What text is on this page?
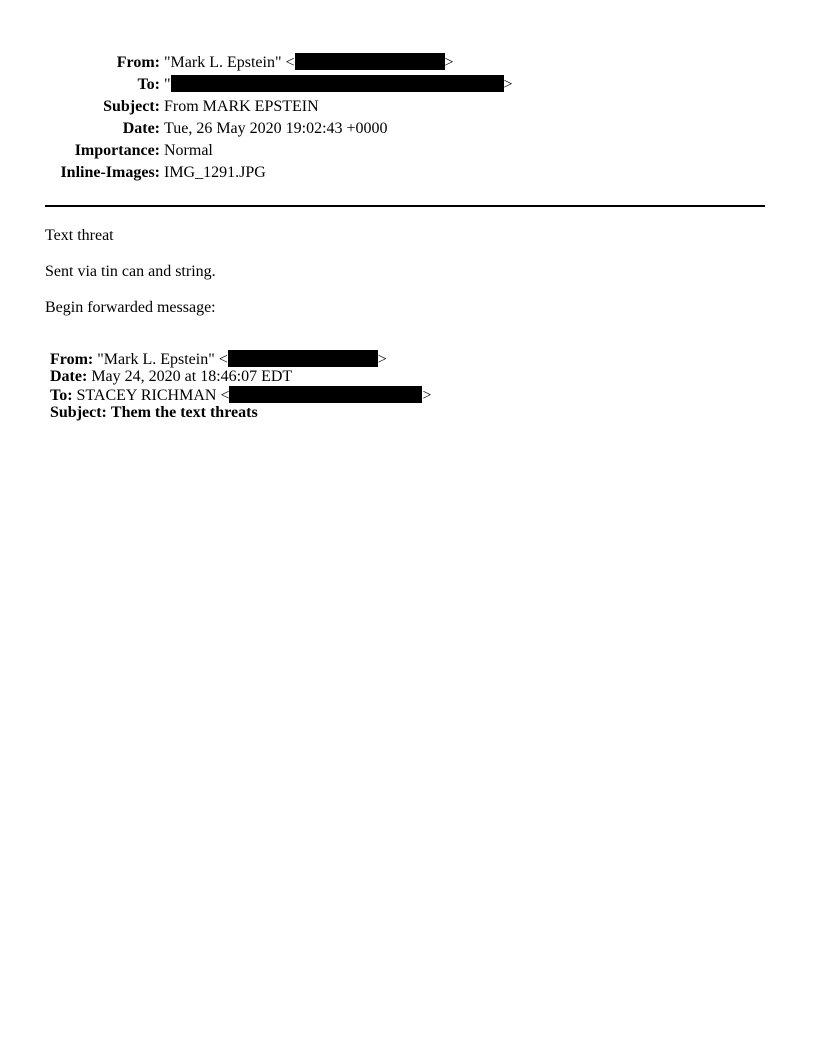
From:	"Mark L. Epstein" < >
To:	" >
Subject:	From MARK EPSTEIN
Date:	Tue, 26 May 2020 19:02:43 +0000
Importance:	Normal
Inline-Images:	IMG_1291.JPG

Text threat

Sent via tin can and string.

Begin forwarded message:

From: "Mark L. Epstein" <	>
Date: May 24, 2020 at 18:46:07 EDT
To: STACEY RICHMAN <	>
Subject: Them the text threats
